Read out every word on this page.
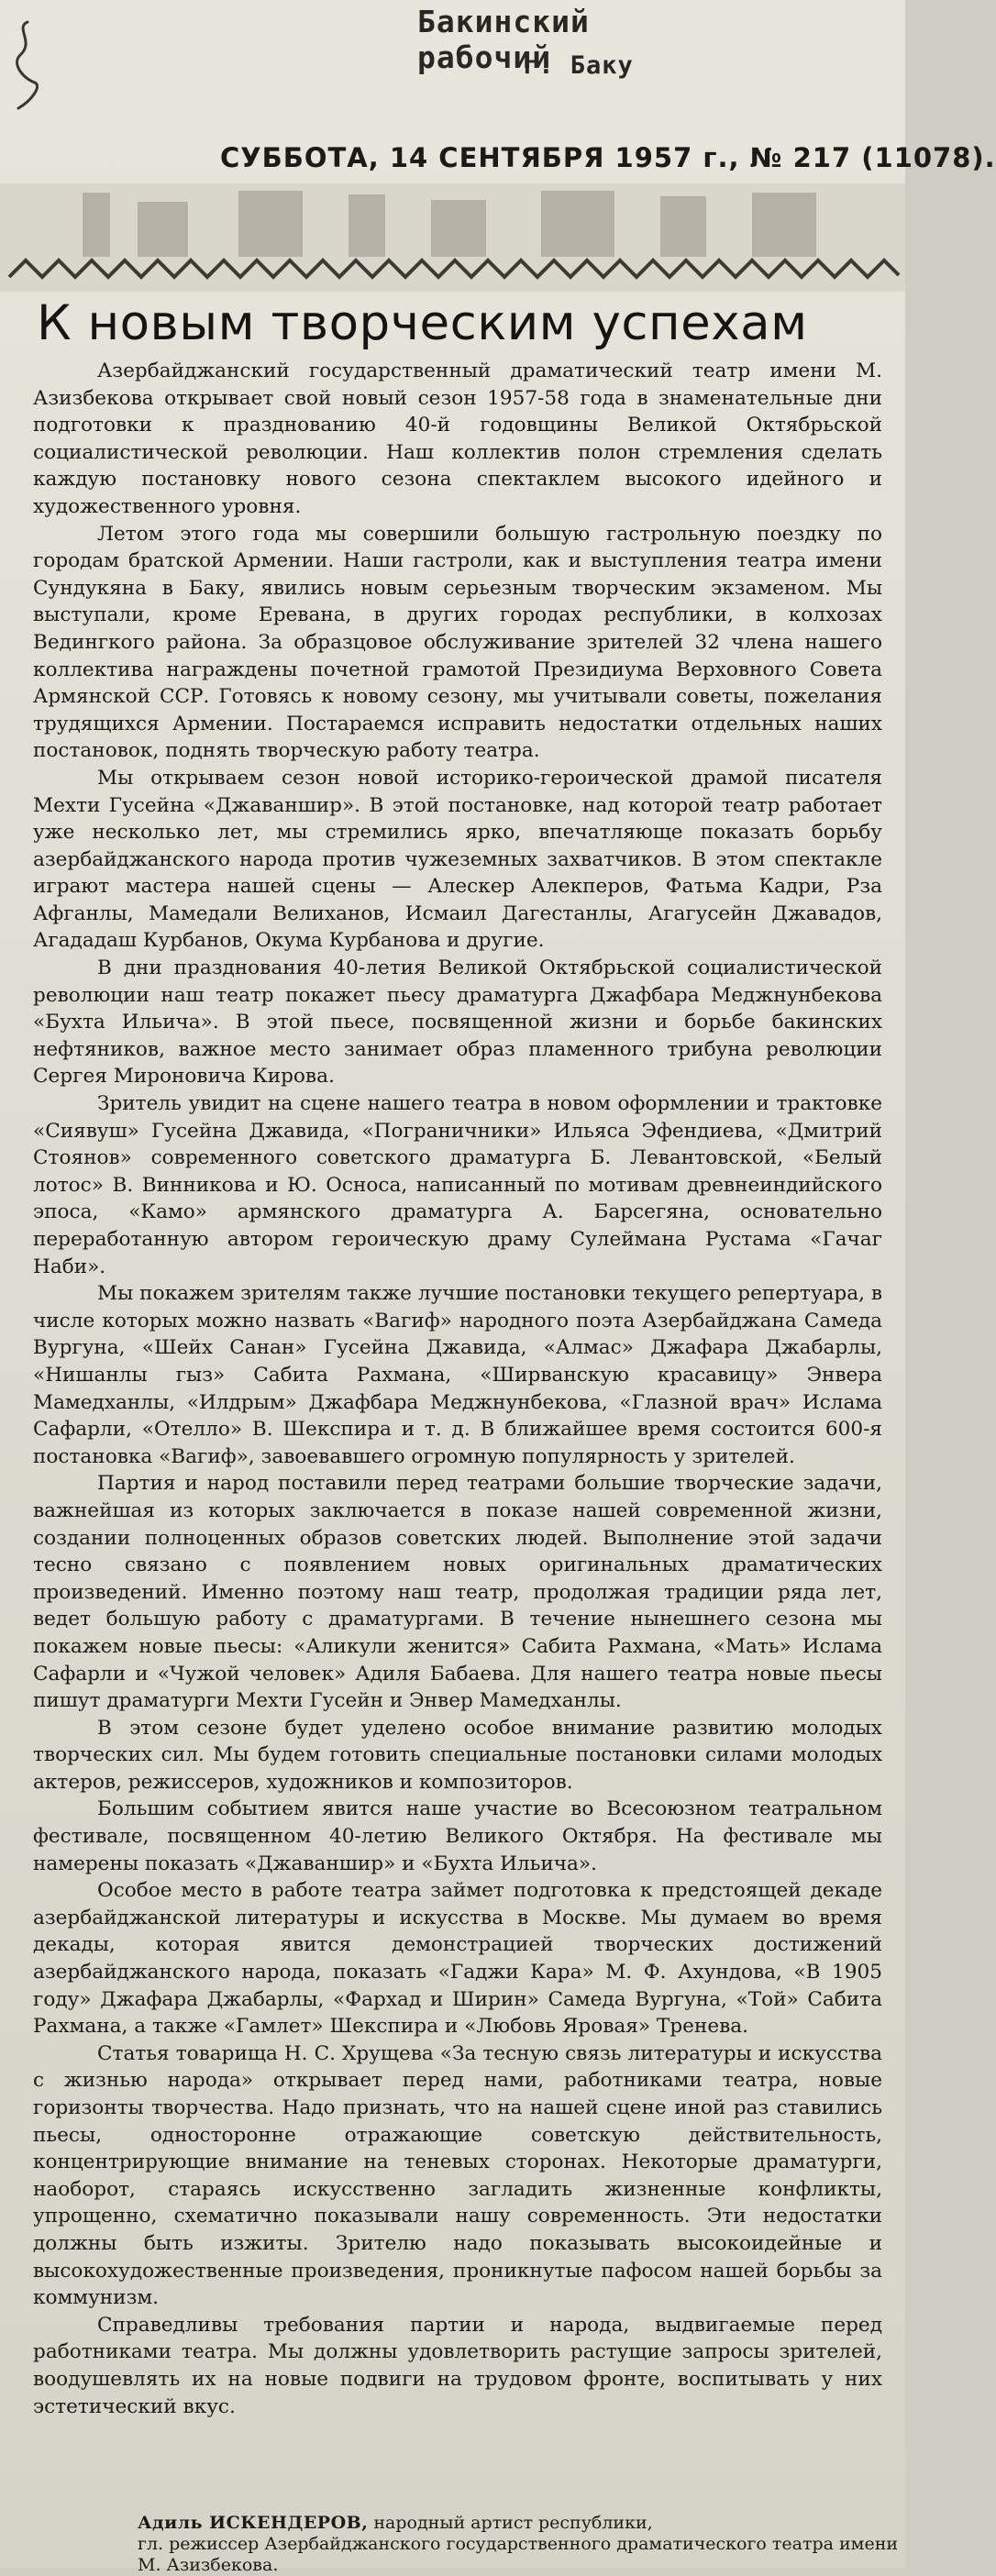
Бакинский рабочий
г. Баку
СУББОТА, 14 СЕНТЯБРЯ 1957 г., № 217 (11078).
К новым творческим успехам

Азербайджанский государственный драматический театр имени М. Азизбекова открывает свой новый сезон 1957-58 года в знаменательные дни подготовки к празднованию 40-й годовщины Великой Октябрьской социалистической революции. Наш коллектив полон стремления сделать каждую постановку нового сезона спектаклем высокого идейного и художественного уровня.

Летом этого года мы совершили большую гастрольную поездку по городам братской Армении. Наши гастроли, как и выступления театра имени Сундукяна в Баку, явились новым серьезным творческим экзаменом. Мы выступали, кроме Еревана, в других городах республики, в колхозах Ведингкого района. За образцовое обслуживание зрителей 32 члена нашего коллектива награждены почетной грамотой Президиума Верховного Совета Армянской ССР. Готовясь к новому сезону, мы учитывали советы, пожелания трудящихся Армении. Постараемся исправить недостатки отдельных наших постановок, поднять творческую работу театра.

Мы открываем сезон новой историко-героической драмой писателя Мехти Гусейна «Джаваншир». В этой постановке, над которой театр работает уже несколько лет, мы стремились ярко, впечатляюще показать борьбу азербайджанского народа против чужеземных захватчиков. В этом спектакле играют мастера нашей сцены — Алескер Алекперов, Фатьма Кадри, Рза Афганлы, Мамедали Велиханов, Исмаил Дагестанлы, Агагусейн Джавадов, Агададаш Курбанов, Окума Курбанова и другие.

В дни празднования 40-летия Великой Октябрьской социалистической революции наш театр покажет пьесу драматурга Джафбара Меджнунбекова «Бухта Ильича». В этой пьесе, посвященной жизни и борьбе бакинских нефтяников, важное место занимает образ пламенного трибуна революции Сергея Мироновича Кирова.

Зритель увидит на сцене нашего театра в новом оформлении и трактовке «Сиявуш» Гусейна Джавида, «Пограничники» Ильяса Эфендиева, «Дмитрий Стоянов» современного советского драматурга Б. Левантовской, «Белый лотос» В. Винникова и Ю. Осноса, написанный по мотивам древнеиндийского эпоса, «Камо» армянского драматурга А. Барсегяна, основательно переработанную автором героическую драму Сулеймана Рустама «Гачаг Наби».

Мы покажем зрителям также лучшие постановки текущего репертуара, в числе которых можно назвать «Вагиф» народного поэта Азербайджана Самеда Вургуна, «Шейх Санан» Гусейна Джавида, «Алмас» Джафара Джабарлы, «Нишанлы гыз» Сабита Рахмана, «Ширванскую красавицу» Энвера Мамедханлы, «Илдрым» Джафбара Меджнунбекова, «Глазной врач» Ислама Сафарли, «Отелло» В. Шекспира и т. д. В ближайшее время состоится 600-я постановка «Вагиф», завоевавшего огромную популярность у зрителей.

Партия и народ поставили перед театрами большие творческие задачи, важнейшая из которых заключается в показе нашей современной жизни, создании полноценных образов советских людей. Выполнение этой задачи тесно связано с появлением новых оригинальных драматических произведений. Именно поэтому наш театр, продолжая традиции ряда лет, ведет большую работу с драматургами. В течение нынешнего сезона мы покажем новые пьесы: «Аликули женится» Сабита Рахмана, «Мать» Ислама Сафарли и «Чужой человек» Адиля Бабаева. Для нашего театра новые пьесы пишут драматурги Мехти Гусейн и Энвер Мамедханлы.

В этом сезоне будет уделено особое внимание развитию молодых творческих сил. Мы будем готовить специальные постановки силами молодых актеров, режиссеров, художников и композиторов.

Большим событием явится наше участие во Всесоюзном театральном фестивале, посвященном 40-летию Великого Октября. На фестивале мы намерены показать «Джаваншир» и «Бухта Ильича».

Особое место в работе театра займет подготовка к предстоящей декаде азербайджанской литературы и искусства в Москве. Мы думаем во время декады, которая явится демонстрацией творческих достижений азербайджанского народа, показать «Гаджи Кара» М. Ф. Ахундова, «В 1905 году» Джафара Джабарлы, «Фархад и Ширин» Самеда Вургуна, «Той» Сабита Рахмана, а также «Гамлет» Шекспира и «Любовь Яровая» Тренева.

Статья товарища Н. С. Хрущева «За тесную связь литературы и искусства с жизнью народа» открывает перед нами, работниками театра, новые горизонты творчества. Надо признать, что на нашей сцене иной раз ставились пьесы, односторонне отражающие советскую действительность, концентрирующие внимание на теневых сторонах. Некоторые драматурги, наоборот, стараясь искусственно загладить жизненные конфликты, упрощенно, схематично показывали нашу современность. Эти недостатки должны быть изжиты. Зрителю надо показывать высокоидейные и высокохудожественные произведения, проникнутые пафосом нашей борьбы за коммунизм.

Справедливы требования партии и народа, выдвигаемые перед работниками театра. Мы должны удовлетворить растущие запросы зрителей, воодушевлять их на новые подвиги на трудовом фронте, воспитывать у них эстетический вкус.

Адиль ИСКЕНДЕРОВ, народный артист республики,
гл. режиссер Азербайджанского государственного драматического театра имени М. Азизбекова.
